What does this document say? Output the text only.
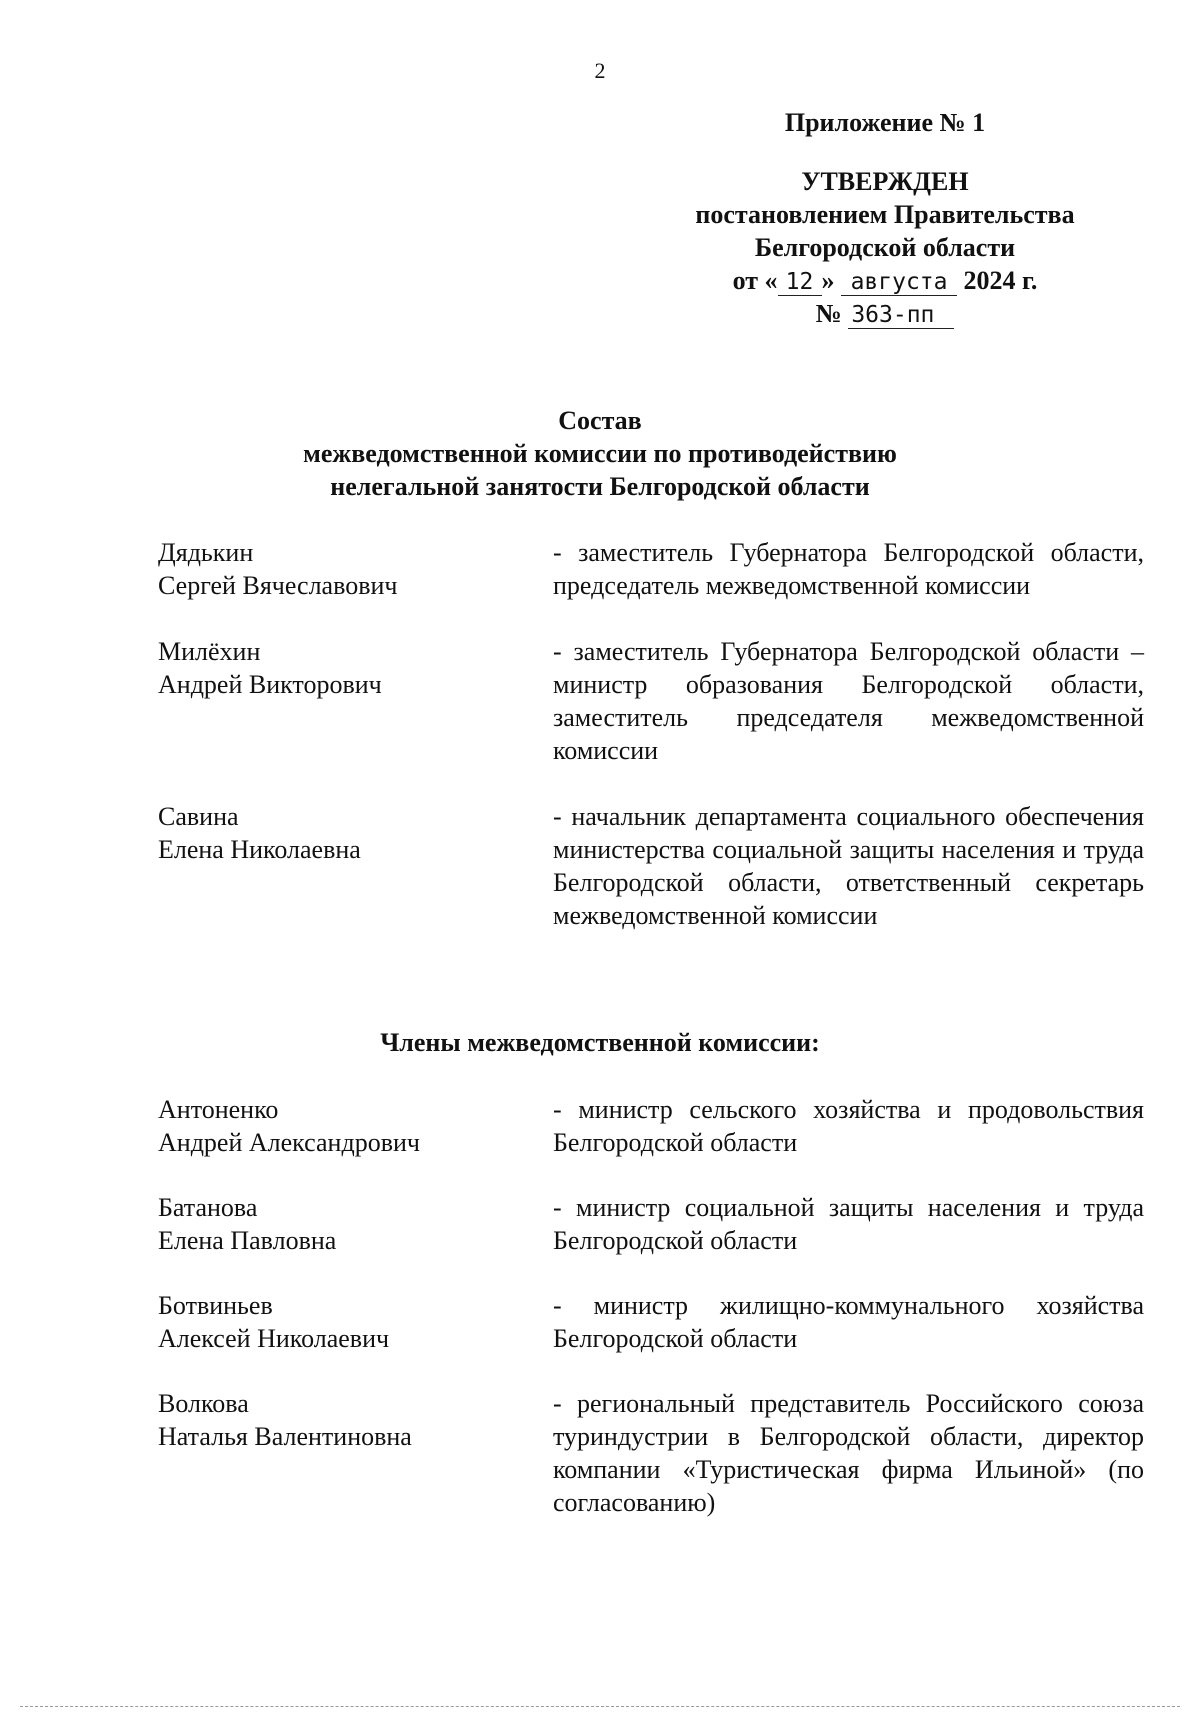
2
Приложение № 1
УТВЕРЖДЕН
постановлением Правительства
Белгородской области
от « 12 » августа 2024 г.
№ 363-пп
Состав
межведомственной комиссии по противодействию
нелегальной занятости Белгородской области
Дядькин
Сергей Вячеславович
- заместитель Губернатора Белгородской области, председатель межведомственной комиссии
Милёхин
Андрей Викторович
- заместитель Губернатора Белгородской области – министр образования Белгородской области, заместитель председателя межведомственной комиссии
Савина
Елена Николаевна
- начальник департамента социального обеспечения министерства социальной защиты населения и труда Белгородской области, ответственный секретарь межведомственной комиссии
Члены межведомственной комиссии:
Антоненко
Андрей Александрович
- министр сельского хозяйства и продовольствия Белгородской области
Батанова
Елена Павловна
- министр социальной защиты населения и труда Белгородской области
Ботвиньев
Алексей Николаевич
- министр жилищно-коммунального хозяйства Белгородской области
Волкова
Наталья Валентиновна
- региональный представитель Российского союза туриндустрии в Белгородской области, директор компании «Туристическая фирма Ильиной» (по согласованию)
